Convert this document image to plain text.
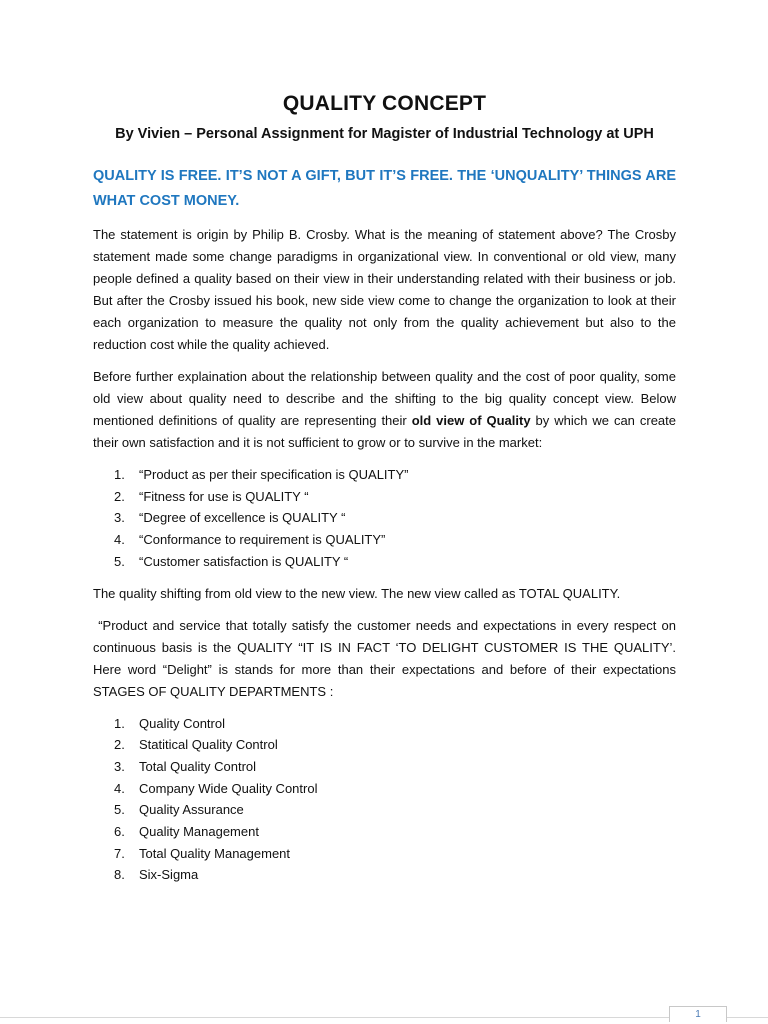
QUALITY CONCEPT
By Vivien – Personal Assignment for Magister of Industrial Technology at UPH
QUALITY IS FREE. IT’S NOT A GIFT, BUT IT’S FREE. THE ‘UNQUALITY’ THINGS ARE WHAT COST MONEY.

The statement is origin by Philip B. Crosby. What is the meaning of statement above? The Crosby statement made some change paradigms in organizational view. In conventional or old view, many people defined a quality based on their view in their understanding related with their business or job. But after the Crosby issued his book, new side view come to change the organization to look at their each organization to measure the quality not only from the quality achievement but also to the reduction cost while the quality achieved.

Before further explaination about the relationship between quality and the cost of poor quality, some old view about quality need to describe and the shifting to the big quality concept view. Below mentioned definitions of quality are representing their old view of Quality by which we can create their own satisfaction and it is not sufficient to grow or to survive in the market:

1.	“Product as per their specification is QUALITY”
2.	“Fitness for use is QUALITY “
3.	“Degree of excellence is QUALITY “
4.	“Conformance to requirement is QUALITY”
5.	“Customer satisfaction is QUALITY “

The quality shifting from old view to the new view. The new view called as TOTAL QUALITY.

“Product and service that totally satisfy the customer needs and expectations in every respect on continuous basis is the QUALITY “IT IS IN FACT ‘TO DELIGHT CUSTOMER IS THE QUALITY’. Here word “Delight” is stands for more than their expectations and before of their expectations STAGES OF QUALITY DEPARTMENTS :

1.	Quality Control
2.	Statitical Quality Control
3.	Total Quality Control
4.	Company Wide Quality Control
5.	Quality Assurance
6.	Quality Management
7.	Total Quality Management
8.	Six-Sigma
1
